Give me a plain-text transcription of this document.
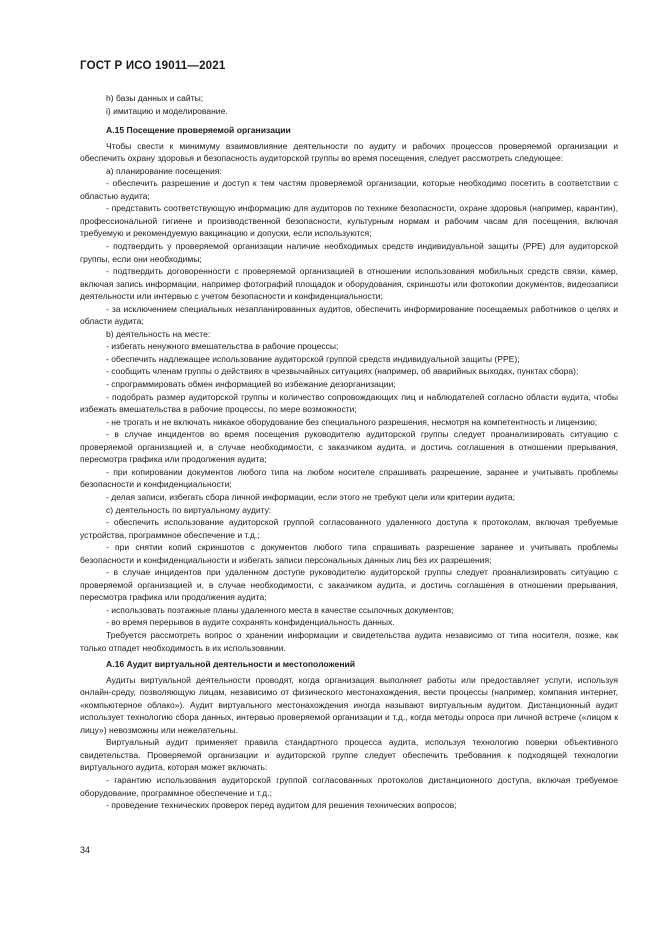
ГОСТ Р ИСО 19011—2021

h) базы данных и сайты;

i) имитацию и моделирование.

А.15 Посещение проверяемой организации

Чтобы свести к минимуму взаимовлияние деятельности по аудиту и рабочих процессов проверяемой организации и обеспечить охрану здоровья и безопасность аудиторской группы во время посещения, следует рассмотреть следующее:

a) планирование посещения:

- обеспечить разрешение и доступ к тем частям проверяемой организации, которые необходимо посетить в соответствии с областью аудита;

- представить соответствующую информацию для аудиторов по технике безопасности, охране здоровья (например, карантин), профессиональной гигиене и производственной безопасности, культурным нормам и рабочим часам для посещения, включая требуемую и рекомендуемую вакцинацию и допуски, если используются;

- подтвердить у проверяемой организации наличие необходимых средств индивидуальной защиты (PPE) для аудиторской группы, если они необходимы;

- подтвердить договоренности с проверяемой организацией в отношении использования мобильных средств связи, камер, включая запись информации, например фотографий площадок и оборудования, скриншоты или фотокопии документов, видеозаписи деятельности или интервью с учетом безопасности и конфиденциальности;

- за исключением специальных незапланированных аудитов, обеспечить информирование посещаемых работников о целях и области аудита;

b) деятельность на месте:

- избегать ненужного вмешательства в рабочие процессы;

- обеспечить надлежащее использование аудиторской группой средств индивидуальной защиты (PPE);

- сообщить членам группы о действиях в чрезвычайных ситуациях (например, об аварийных выходах, пунктах сбора);

- спрограммировать обмен информацией во избежание дезорганизации;

- подобрать размер аудиторской группы и количество сопровождающих лиц и наблюдателей согласно области аудита, чтобы избежать вмешательства в рабочие процессы, по мере возможности;

- не трогать и не включать никакое оборудование без специального разрешения, несмотря на компетентность и лицензию;

- в случае инцидентов во время посещения руководителю аудиторской группы следует проанализировать ситуацию с проверяемой организацией и, в случае необходимости, с заказчиком аудита, и достичь соглашения в отношении прерывания, пересмотра графика или продолжения аудита;

- при копировании документов любого типа на любом носителе спрашивать разрешение, заранее и учитывать проблемы безопасности и конфиденциальности;

- делая записи, избегать сбора личной информации, если этого не требуют цели или критерии аудита;

c) деятельность по виртуальному аудиту:

- обеспечить использование аудиторской группой согласованного удаленного доступа к протоколам, включая требуемые устройства, программное обеспечение и т.д.;

- при снятии копий скриншотов с документов любого типа спрашивать разрешение заранее и учитывать проблемы безопасности и конфиденциальности и избегать записи персональных данных лиц без их разрешения;

- в случае инцидентов при удаленном доступе руководителю аудиторской группы следует проанализировать ситуацию с проверяемой организацией и, в случае необходимости, с заказчиком аудита, и достичь соглашения в отношении прерывания, пересмотра графика или продолжения аудита;

- использовать поэтажные планы удаленного места в качестве ссылочных документов;

- во время перерывов в аудите сохранять конфиденциальность данных.

Требуется рассмотреть вопрос о хранении информации и свидетельства аудита независимо от типа носителя, позже, как только отпадет необходимость в их использовании.

А.16 Аудит виртуальной деятельности и местоположений

Аудиты виртуальной деятельности проводят, когда организация выполняет работы или предоставляет услуги, используя онлайн-среду, позволяющую лицам, независимо от физического местонахождения, вести процессы (например, компания интернет, «компьютерное облако»). Аудит виртуального местонахождения иногда называют виртуальным аудитом. Дистанционный аудит использует технологию сбора данных, интервью проверяемой организации и т.д., когда методы опроса при личной встрече («лицом к лицу») невозможны или нежелательны.

Виртуальный аудит применяет правила стандартного процесса аудита, используя технологию поверки объективного свидетельства. Проверяемой организации и аудиторской группе следует обеспечить требования к подходящей технологии виртуального аудита, которая может включать:

- гарантию использования аудиторской группой согласованных протоколов дистанционного доступа, включая требуемое оборудование, программное обеспечение и т.д.;

- проведение технических проверок перед аудитом для решения технических вопросов;

34
